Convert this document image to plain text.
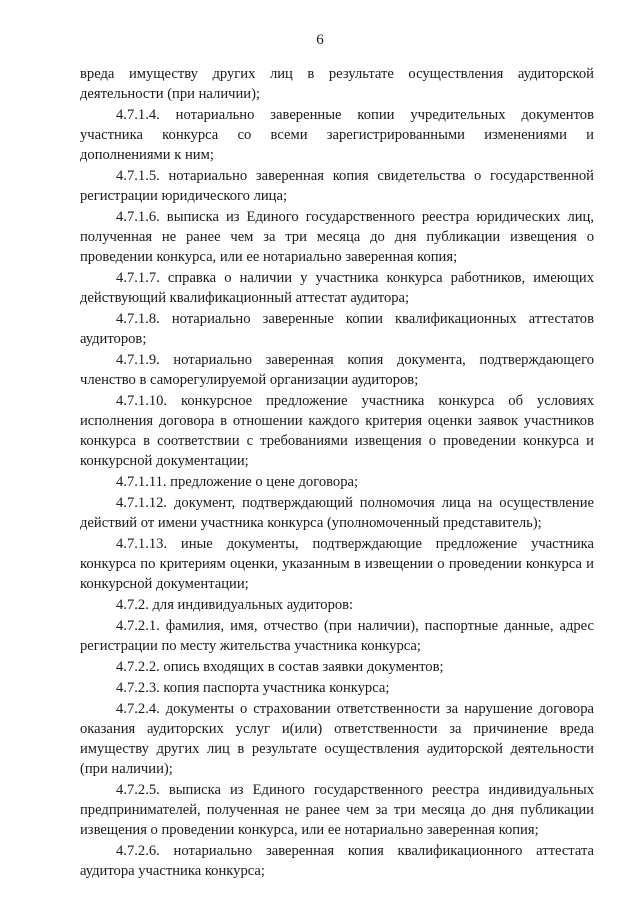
6

вреда имуществу других лиц в результате осуществления аудиторской деятельности (при наличии);

4.7.1.4. нотариально заверенные копии учредительных документов участника конкурса со всеми зарегистрированными изменениями и дополнениями к ним;

4.7.1.5. нотариально заверенная копия свидетельства о государственной регистрации юридического лица;

4.7.1.6. выписка из Единого государственного реестра юридических лиц, полученная не ранее чем за три месяца до дня публикации извещения о проведении конкурса, или ее нотариально заверенная копия;

4.7.1.7. справка о наличии у участника конкурса работников, имеющих действующий квалификационный аттестат аудитора;

4.7.1.8. нотариально заверенные копии квалификационных аттестатов аудиторов;

4.7.1.9. нотариально заверенная копия документа, подтверждающего членство в саморегулируемой организации аудиторов;

4.7.1.10. конкурсное предложение участника конкурса об условиях исполнения договора в отношении каждого критерия оценки заявок участников конкурса в соответствии с требованиями извещения о проведении конкурса и конкурсной документации;

4.7.1.11. предложение о цене договора;

4.7.1.12. документ, подтверждающий полномочия лица на осуществление действий от имени участника конкурса (уполномоченный представитель);

4.7.1.13. иные документы, подтверждающие предложение участника конкурса по критериям оценки, указанным в извещении о проведении конкурса и конкурсной документации;

4.7.2. для индивидуальных аудиторов:

4.7.2.1. фамилия, имя, отчество (при наличии), паспортные данные, адрес регистрации по месту жительства участника конкурса;

4.7.2.2. опись входящих в состав заявки документов;

4.7.2.3. копия паспорта участника конкурса;

4.7.2.4. документы о страховании ответственности за нарушение договора оказания аудиторских услуг и(или) ответственности за причинение вреда имуществу других лиц в результате осуществления аудиторской деятельности (при наличии);

4.7.2.5. выписка из Единого государственного реестра индивидуальных предпринимателей, полученная не ранее чем за три месяца до дня публикации извещения о проведении конкурса, или ее нотариально заверенная копия;

4.7.2.6. нотариально заверенная копия квалификационного аттестата аудитора участника конкурса;
